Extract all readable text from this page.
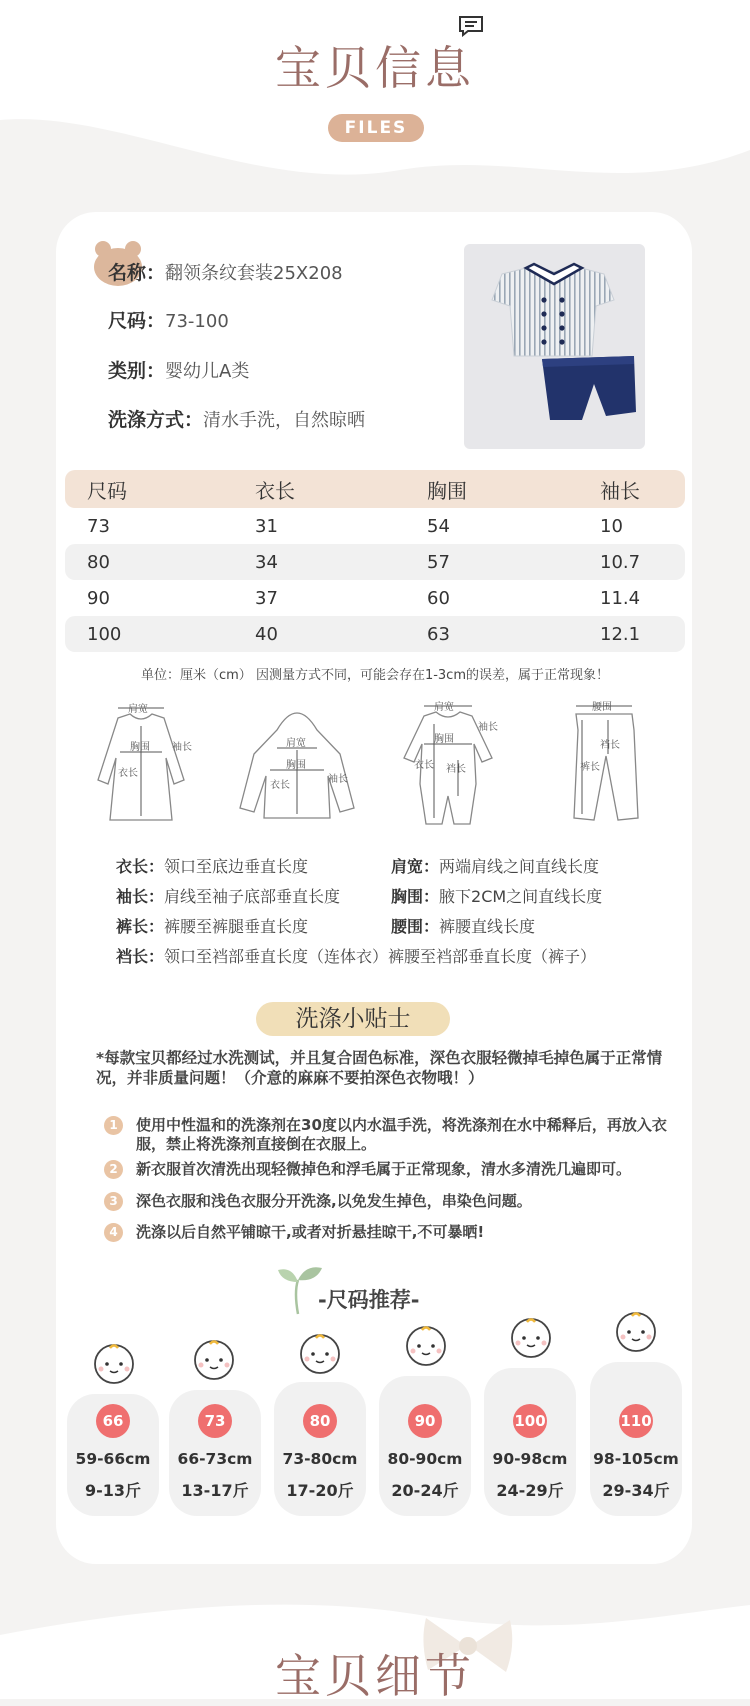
宝贝信息
FILES
名称：翻领条纹套装25X208
尺码：73-100
类别：婴幼儿A类
洗涤方式：清水手洗，自然晾晒
尺码	衣长	胸围	袖长
73	31	54	10
80	34	57	10.7
90	37	60	11.4
100	40	63	12.1
单位：厘米（cm） 因测量方式不同，可能会存在1-3cm的误差，属于正常现象！
肩宽
胸围
衣长
袖长	肩宽
胸围
衣长
袖长
肩宽
胸围
衣长 裆长
袖长
腰围
裤长
裆长
衣长：领口至底边垂直长度	肩宽：两端肩线之间直线长度
袖长：肩线至袖子底部垂直长度	胸围：腋下2CM之间直线长度
裤长：裤腰至裤腿垂直长度	腰围：裤腰直线长度
裆长：领口至裆部垂直长度（连体衣）裤腰至裆部垂直长度（裤子）
洗涤小贴士
*每款宝贝都经过水洗测试，并且复合固色标准，深色衣服轻微掉毛掉色属于正常情况，并非质量问题！（介意的麻麻不要拍深色衣物哦！）
1	使用中性温和的洗涤剂在30度以内水温手洗，将洗涤剂在水中稀释后，再放入衣服，禁止将洗涤剂直接倒在衣服上。
2	新衣服首次清洗出现轻微掉色和浮毛属于正常现象，清水多清洗几遍即可。
3	深色衣服和浅色衣服分开洗涤,以免发生掉色，串染色问题。
4	洗涤以后自然平铺晾干,或者对折悬挂晾干,不可暴晒!
-尺码推荐-
66
59-66cm
9-13斤
73
66-73cm
13-17斤
80
73-80cm
17-20斤
90
80-90cm
20-24斤
100
90-98cm
24-29斤
110
98-105cm
29-34斤
宝贝细节
